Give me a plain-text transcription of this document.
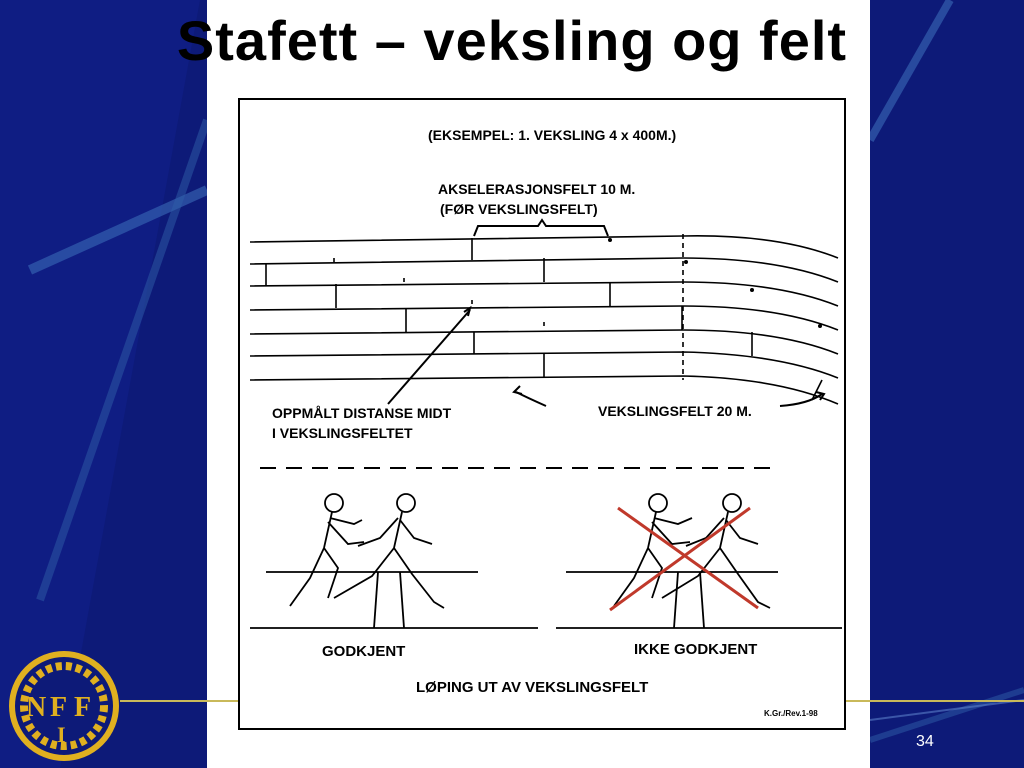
Stafett – veksling og felt
(EKSEMPEL: 1. VEKSLING 4 x 400M.)
AKSELERASJONSFELT 10 M.
(FØR VEKSLINGSFELT)
OPPMÅLT DISTANSE MIDT
I VEKSLINGSFELTET
VEKSLINGSFELT 20 M.
GODKJENT	IKKE GODKJENT
LØPING UT AV VEKSLINGSFELT
K.Gr./Rev.1-98
N F F
I	34
